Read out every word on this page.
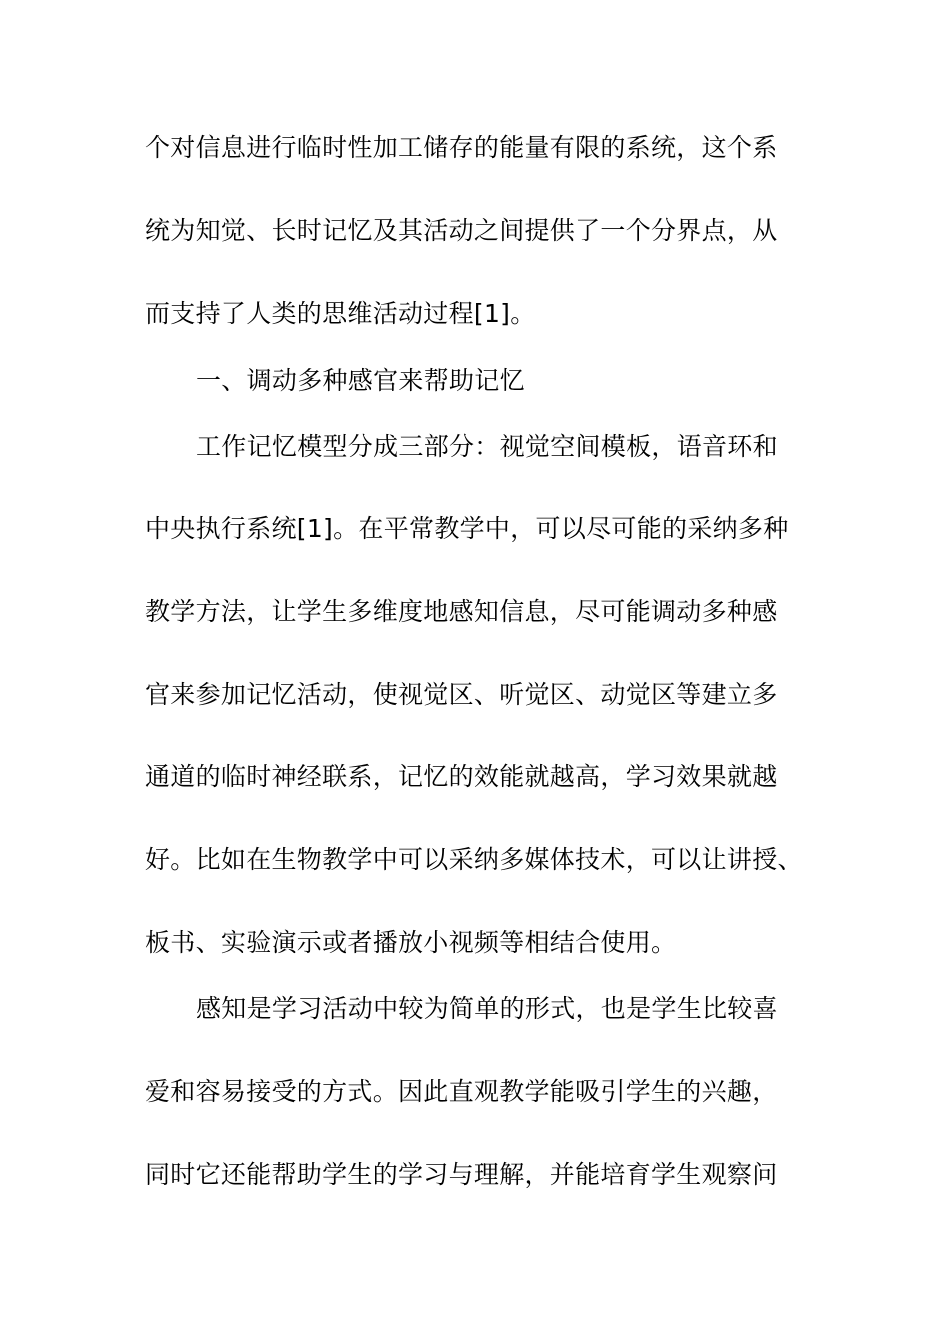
个对信息进行临时性加工储存的能量有限的系统，这个系
统为知觉、长时记忆及其活动之间提供了一个分界点，从
而支持了人类的思维活动过程[1]。
一、调动多种感官来帮助记忆
工作记忆模型分成三部分：视觉空间模板，语音环和
中央执行系统[1]。在平常教学中，可以尽可能的采纳多种
教学方法，让学生多维度地感知信息，尽可能调动多种感
官来参加记忆活动，使视觉区、听觉区、动觉区等建立多
通道的临时神经联系，记忆的效能就越高，学习效果就越
好。比如在生物教学中可以采纳多媒体技术，可以让讲授、
板书、实验演示或者播放小视频等相结合使用。
感知是学习活动中较为简单的形式，也是学生比较喜
爱和容易接受的方式。因此直观教学能吸引学生的兴趣，
同时它还能帮助学生的学习与理解，并能培育学生观察问
